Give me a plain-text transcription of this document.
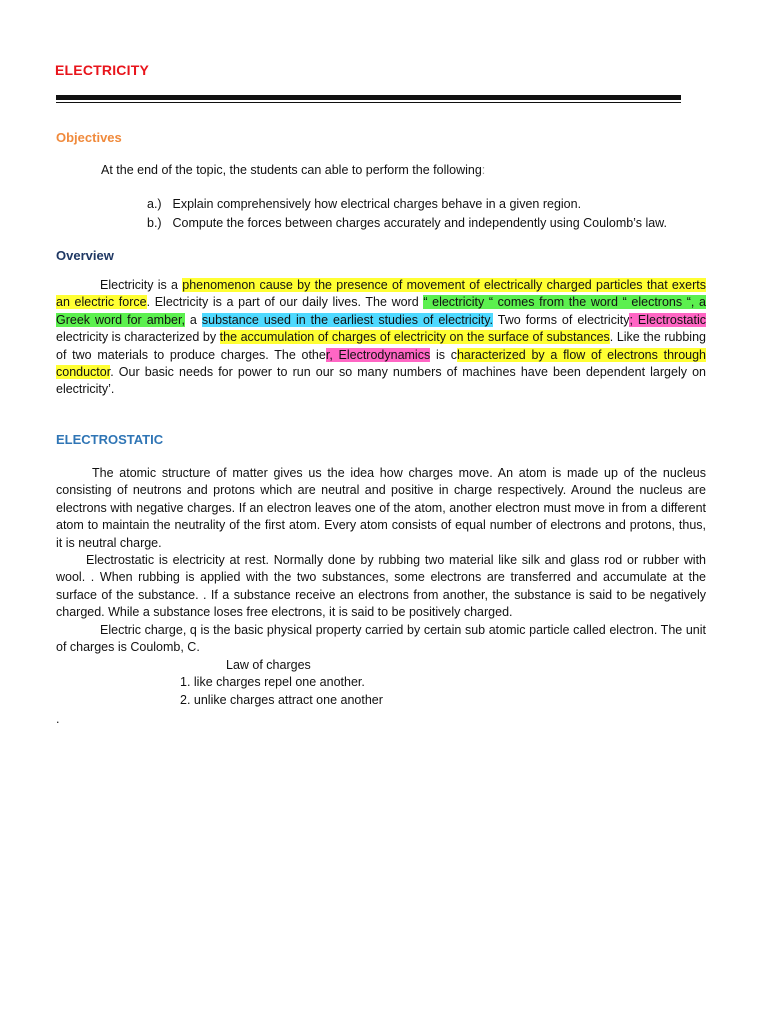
ELECTRICITY
Objectives
At the end of the topic, the students can able to perform the following:
a.) Explain comprehensively how electrical charges behave in a given region.
b.) Compute the forces between charges accurately and independently using Coulomb’s law.
Overview

Electricity is a phenomenon cause by the presence of movement of electrically charged particles that exerts an electric force. Electricity is a part of our daily lives. The word “ electricity “ comes from the word “ electrons “, a Greek word for amber, a substance used in the earliest studies of electricity. Two forms of electricity; Electrostatic electricity is characterized by the accumulation of charges of electricity on the surface of substances. Like the rubbing of two materials to produce charges. The other, Electrodynamics is characterized by a flow of electrons through conductor. Our basic needs for power to run our so many numbers of machines have been dependent largely on electricity’.

ELECTROSTATIC

The atomic structure of matter gives us the idea how charges move. An atom is made up of the nucleus consisting of neutrons and protons which are neutral and positive in charge respectively. Around the nucleus are electrons with negative charges. If an electron leaves one of the atom, another electron must move in from a different atom to maintain the neutrality of the first atom. Every atom consists of equal number of electrons and protons, thus, it is neutral charge.

Electrostatic is electricity at rest. Normally done by rubbing two material like silk and glass rod or rubber with wool. . When rubbing is applied with the two substances, some electrons are transferred and accumulate at the surface of the substance. . If a substance receive an electrons from another, the substance is said to be negatively charged. While a substance loses free electrons, it is said to be positively charged.

Electric charge, q is the basic physical property carried by certain sub atomic particle called electron. The unit of charges is Coulomb, C.

Law of charges
1. like charges repel one another.
2. unlike charges attract one another
.
